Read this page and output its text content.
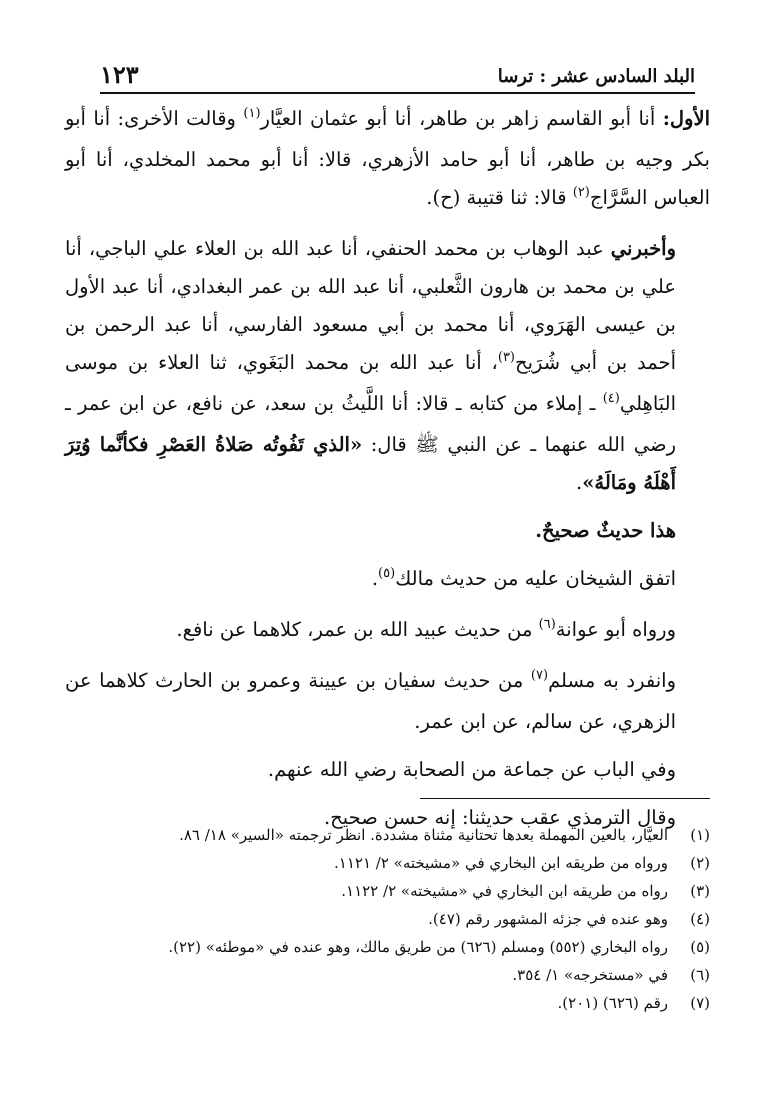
البلد السادس عشر : ترسا
١٢٣

الأول: أنا أبو القاسم زاهر بن طاهر، أنا أبو عثمان العيَّار$^{(١)}$ وقالت الأخرى: أنا أبو بكر وجيه بن طاهر، أنا أبو حامد الأزهري، قالا: أنا أبو محمد المخلدي، أنا أبو العباس السَّرَّاج$^{(٢)}$ قالا: ثنا قتيبة (ح).

وأخبرني عبد الوهاب بن محمد الحنفي، أنا عبد الله بن العلاء علي الباجي، أنا علي بن محمد بن هارون الثَّعلبي، أنا عبد الله بن عمر البغدادي، أنا عبد الأول بن عيسى الهَرَوي، أنا محمد بن أبي مسعود الفارسي، أنا عبد الرحمن بن أحمد بن أبي شُرَيح$^{(٣)}$، أنا عبد الله بن محمد البَغَوي، ثنا العلاء بن موسى البَاهِلي$^{(٤)}$ ـ إملاء من كتابه ـ قالا: أنا اللَّيثُ بن سعد، عن نافع، عن ابن عمر ـ رضي الله عنهما ـ عن النبي ﷺ قال: «الذي تَفُوتُه صَلاةُ العَصْرِ فكأنَّما وُتِرَ أَهْلَهُ ومَالَهُ».

هذا حديثٌ صحيحٌ.

اتفق الشيخان عليه من حديث مالك$^{(٥)}$.

ورواه أبو عوانة$^{(٦)}$ من حديث عبيد الله بن عمر، كلاهما عن نافع.

وانفرد به مسلم$^{(٧)}$ من حديث سفيان بن عيينة وعمرو بن الحارث كلاهما عن الزهري، عن سالم، عن ابن عمر.

وفي الباب عن جماعة من الصحابة رضي الله عنهم.

وقال الترمذي عقب حديثنا: إنه حسن صحيح.

(١)
العيَّار، بالعين المهملة بعدها تحتانية مثناة مشددة. انظر ترجمته «السير» ١٨/ ٨٦.
(٢)
ورواه من طريقه ابن البخاري في «مشيخته» ٢/ ١١٢١.
(٣)
رواه من طريقه ابن البخاري في «مشيخته» ٢/ ١١٢٢.
(٤)
وهو عنده في جزئه المشهور رقم (٤٧).
(٥)
رواه البخاري (٥٥٢) ومسلم (٦٢٦) من طريق مالك، وهو عنده في «موطئه» (٢٢).
(٦)
في «مستخرجه» ١/ ٣٥٤.
(٧)
رقم (٦٢٦) (٢٠١).
